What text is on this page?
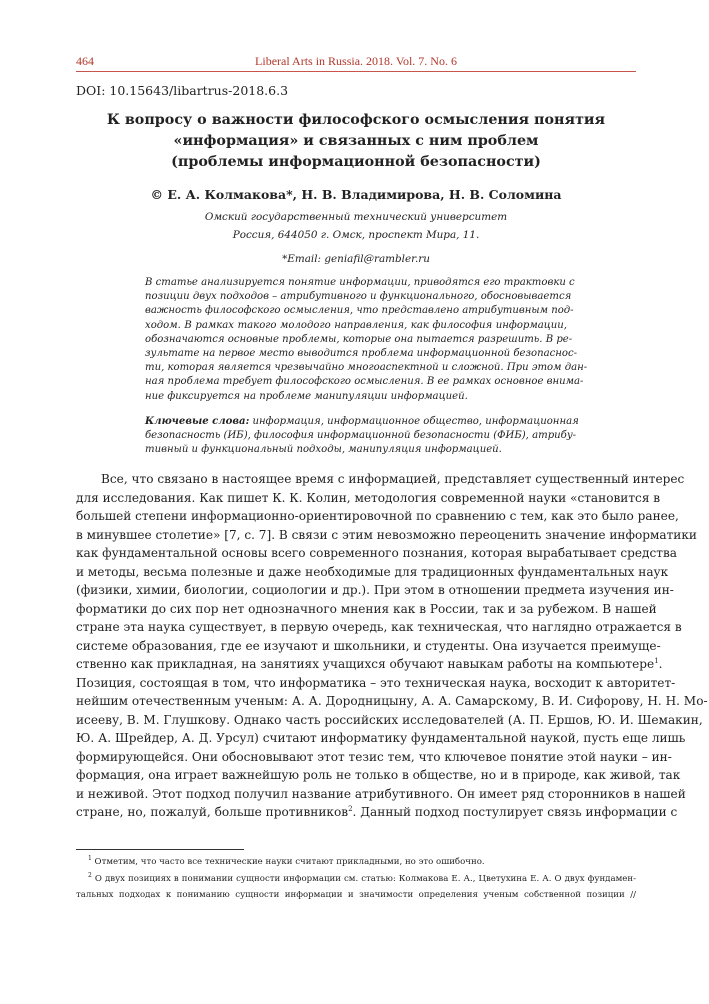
464	Liberal Arts in Russia. 2018. Vol. 7. No. 6
DOI: 10.15643/libartrus-2018.6.3
К вопросу о важности философского осмысления понятия
«информация» и связанных с ним проблем
(проблемы информационной безопасности)
© Е. А. Колмакова*, Н. В. Владимирова, Н. В. Соломина
Омский государственный технический университет
Россия, 644050 г. Омск, проспект Мира, 11.
*Email: geniafil@rambler.ru
В статье анализируется понятие информации, приводятся его трактовки с
позиции двух подходов – атрибутивного и функционального, обосновывается
важность философского осмысления, что представлено атрибутивным под-
ходом. В рамках такого молодого направления, как философия информации,
обозначаются основные проблемы, которые она пытается разрешить. В ре-
зультате на первое место выводится проблема информационной безопаснос-
ти, которая является чрезвычайно многоаспектной и сложной. При этом дан-
ная проблема требует философского осмысления. В ее рамках основное внима-
ние фиксируется на проблеме манипуляции информацией.
Ключевые слова: информация, информационное общество, информационная
безопасность (ИБ), философия информационной безопасности (ФИБ), атрибу-
тивный и функциональный подходы, манипуляция информацией.
Все, что связано в настоящее время с информацией, представляет существенный интерес
для исследования. Как пишет К. К. Колин, методология современной науки «становится в
большей степени информационно-ориентировочной по сравнению с тем, как это было ранее,
в минувшее столетие» [7, с. 7]. В связи с этим невозможно переоценить значение информатики
как фундаментальной основы всего современного познания, которая вырабатывает средства
и методы, весьма полезные и даже необходимые для традиционных фундаментальных наук
(физики, химии, биологии, социологии и др.). При этом в отношении предмета изучения ин-
форматики до сих пор нет однозначного мнения как в России, так и за рубежом. В нашей
стране эта наука существует, в первую очередь, как техническая, что наглядно отражается в
системе образования, где ее изучают и школьники, и студенты. Она изучается преимуще-
ственно как прикладная, на занятиях учащихся обучают навыкам работы на компьютере$^1$.
Позиция, состоящая в том, что информатика – это техническая наука, восходит к авторитет-
нейшим отечественным ученым: А. А. Дородницыну, А. А. Самарскому, В. И. Сифорову, Н. Н. Мо-
исееву, В. М. Глушкову. Однако часть российских исследователей (А. П. Ершов, Ю. И. Шемакин,
Ю. А. Шрейдер, А. Д. Урсул) считают информатику фундаментальной наукой, пусть еще лишь
формирующейся. Они обосновывают этот тезис тем, что ключевое понятие этой науки – ин-
формация, она играет важнейшую роль не только в обществе, но и в природе, как живой, так
и неживой. Этот подход получил название атрибутивного. Он имеет ряд сторонников в нашей
стране, но, пожалуй, больше противников$^2$. Данный подход постулирует связь информации с
$^1$ Отметим, что часто все технические науки считают прикладными, но это ошибочно.
$^2$ О двух позициях в понимании сущности информации см. статью: Колмакова Е. А., Цветухина Е. А. О двух фундамен-
тальных подходах к пониманию сущности информации и значимости определения ученым собственной позиции //
